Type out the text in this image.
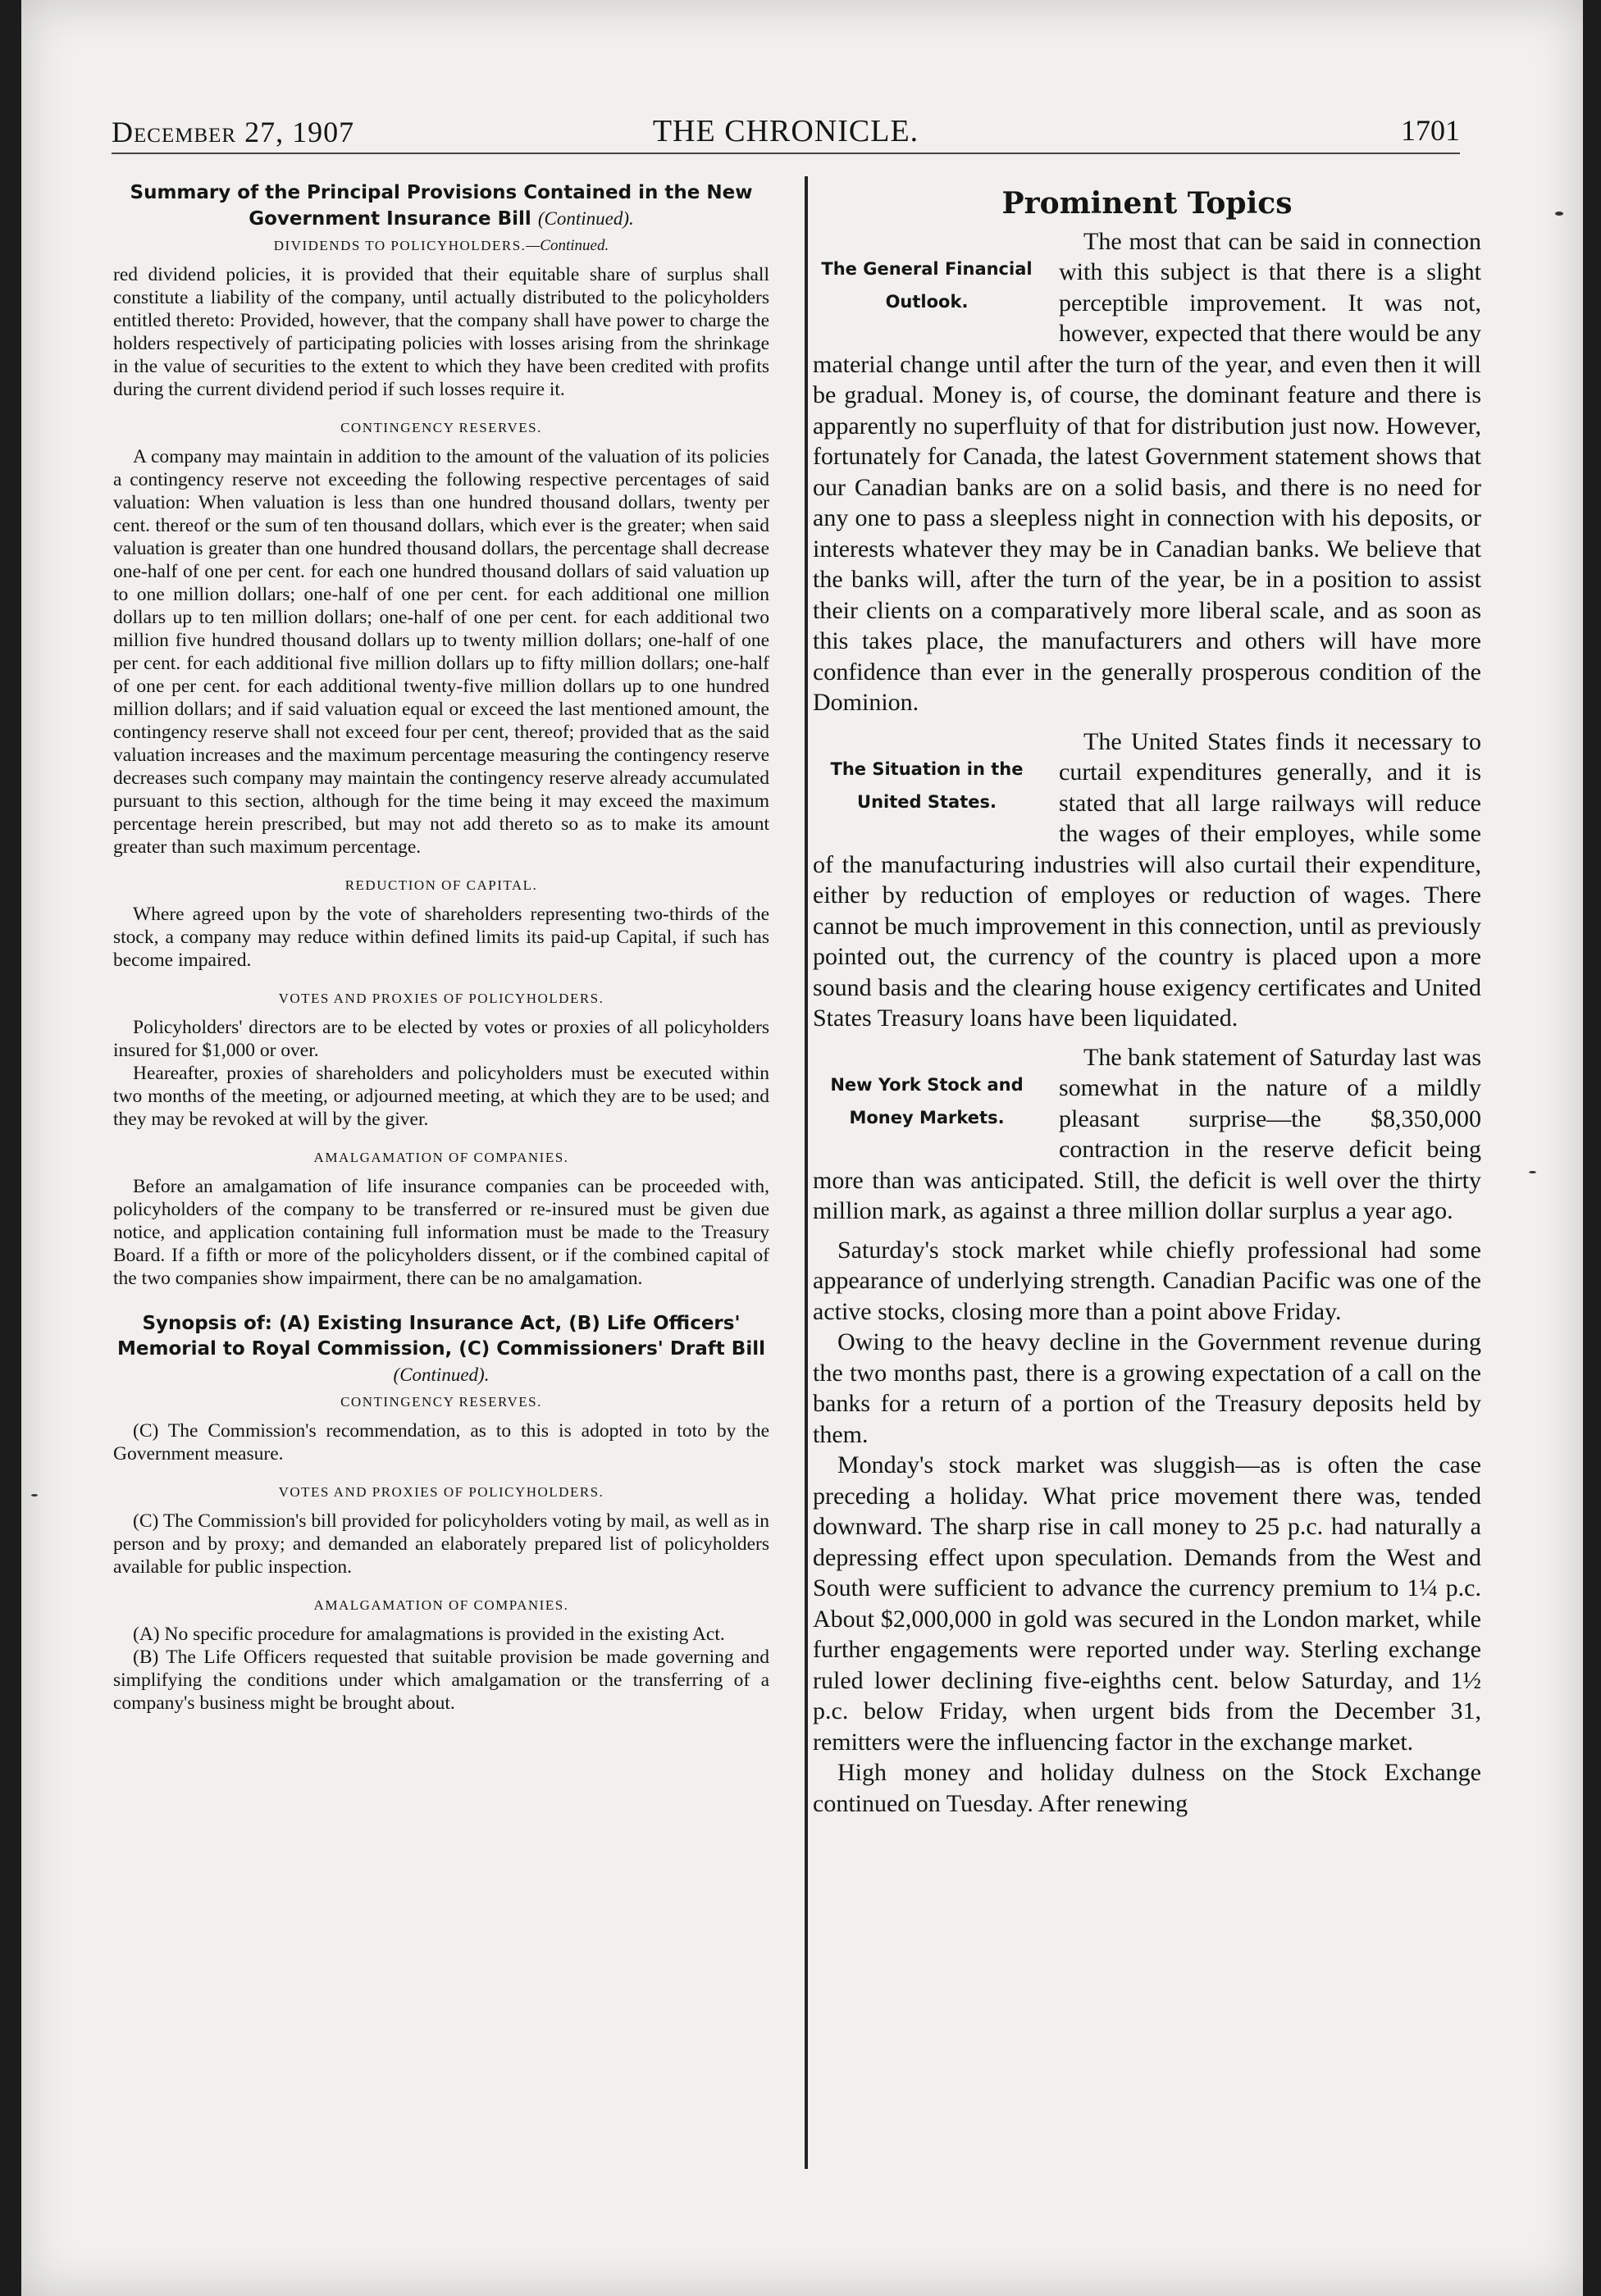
December 27, 1907	THE CHRONICLE.	1701
Summary of the Principal Provisions Contained in the New Government Insurance Bill (Continued).
DIVIDENDS TO POLICYHOLDERS.—Continued.

red dividend policies, it is provided that their equitable share of surplus shall constitute a liability of the company, until actually distributed to the policyholders entitled thereto: Provided, however, that the company shall have power to charge the holders respectively of participating policies with losses arising from the shrinkage in the value of securities to the extent to which they have been credited with profits during the current dividend period if such losses require it.

CONTINGENCY RESERVES.

A company may maintain in addition to the amount of the valuation of its policies a contingency reserve not exceeding the following respective percentages of said valuation: When valuation is less than one hundred thousand dollars, twenty per cent. thereof or the sum of ten thousand dollars, which ever is the greater; when said valuation is greater than one hundred thousand dollars, the percentage shall decrease one-half of one per cent. for each one hundred thousand dollars of said valuation up to one million dollars; one-half of one per cent. for each additional one million dollars up to ten million dollars; one-half of one per cent. for each additional two million five hundred thousand dollars up to twenty million dollars; one-half of one per cent. for each additional five million dollars up to fifty million dollars; one-half of one per cent. for each additional twenty-five million dollars up to one hundred million dollars; and if said valuation equal or exceed the last mentioned amount, the contingency reserve shall not exceed four per cent, thereof; provided that as the said valuation increases and the maximum percentage measuring the contingency reserve decreases such company may maintain the contingency reserve already accumulated pursuant to this section, although for the time being it may exceed the maximum percentage herein prescribed, but may not add thereto so as to make its amount greater than such maximum percentage.

REDUCTION OF CAPITAL.

Where agreed upon by the vote of shareholders representing two-thirds of the stock, a company may reduce within defined limits its paid-up Capital, if such has become impaired.

VOTES AND PROXIES OF POLICYHOLDERS.

Policyholders' directors are to be elected by votes or proxies of all policyholders insured for $1,000 or over.

Heareafter, proxies of shareholders and policyholders must be executed within two months of the meeting, or adjourned meeting, at which they are to be used; and they may be revoked at will by the giver.

AMALGAMATION OF COMPANIES.

Before an amalgamation of life insurance companies can be proceeded with, policyholders of the company to be transferred or re-insured must be given due notice, and application containing full information must be made to the Treasury Board. If a fifth or more of the policyholders dissent, or if the combined capital of the two companies show impairment, there can be no amalgamation.

Synopsis of: (A) Existing Insurance Act, (B) Life Officers' Memorial to Royal Commission, (C) Commissioners' Draft Bill (Continued).
CONTINGENCY RESERVES.

(C) The Commission's recommendation, as to this is adopted in toto by the Government measure.

VOTES AND PROXIES OF POLICYHOLDERS.

(C) The Commission's bill provided for policyholders voting by mail, as well as in person and by proxy; and demanded an elaborately prepared list of policyholders available for public inspection.

AMALGAMATION OF COMPANIES.

(A) No specific procedure for amalagmations is provided in the existing Act.

(B) The Life Officers requested that suitable provision be made governing and simplifying the conditions under which amalgamation or the transferring of a company's business might be brought about.

Prominent Topics
The General Financial Outlook.

The most that can be said in connection with this subject is that there is a slight perceptible improvement. It was not, however, expected that there would be any material change until after the turn of the year, and even then it will be gradual. Money is, of course, the dominant feature and there is apparently no superfluity of that for distribution just now. However, fortunately for Canada, the latest Government statement shows that our Canadian banks are on a solid basis, and there is no need for any one to pass a sleepless night in connection with his deposits, or interests whatever they may be in Canadian banks. We believe that the banks will, after the turn of the year, be in a position to assist their clients on a comparatively more liberal scale, and as soon as this takes place, the manufacturers and others will have more confidence than ever in the generally prosperous condition of the Dominion.

The Situation in the United States.

The United States finds it necessary to curtail expenditures generally, and it is stated that all large railways will reduce the wages of their employes, while some of the manufacturing industries will also curtail their expenditure, either by reduction of employes or reduction of wages. There cannot be much improvement in this connection, until as previously pointed out, the currency of the country is placed upon a more sound basis and the clearing house exigency certificates and United States Treasury loans have been liquidated.

New York Stock and Money Markets.

The bank statement of Saturday last was somewhat in the nature of a mildly pleasant surprise—the $8,350,000 contraction in the reserve deficit being more than was anticipated. Still, the deficit is well over the thirty million mark, as against a three million dollar surplus a year ago.

Saturday's stock market while chiefly professional had some appearance of underlying strength. Canadian Pacific was one of the active stocks, closing more than a point above Friday.

Owing to the heavy decline in the Government revenue during the two months past, there is a growing expectation of a call on the banks for a return of a portion of the Treasury deposits held by them.

Monday's stock market was sluggish—as is often the case preceding a holiday. What price movement there was, tended downward. The sharp rise in call money to 25 p.c. had naturally a depressing effect upon speculation. Demands from the West and South were sufficient to advance the currency premium to 1¼ p.c. About $2,000,000 in gold was secured in the London market, while further engagements were reported under way. Sterling exchange ruled lower declining five-eighths cent. below Saturday, and 1½ p.c. below Friday, when urgent bids from the December 31, remitters were the influencing factor in the exchange market.

High money and holiday dulness on the Stock Exchange continued on Tuesday. After renewing
